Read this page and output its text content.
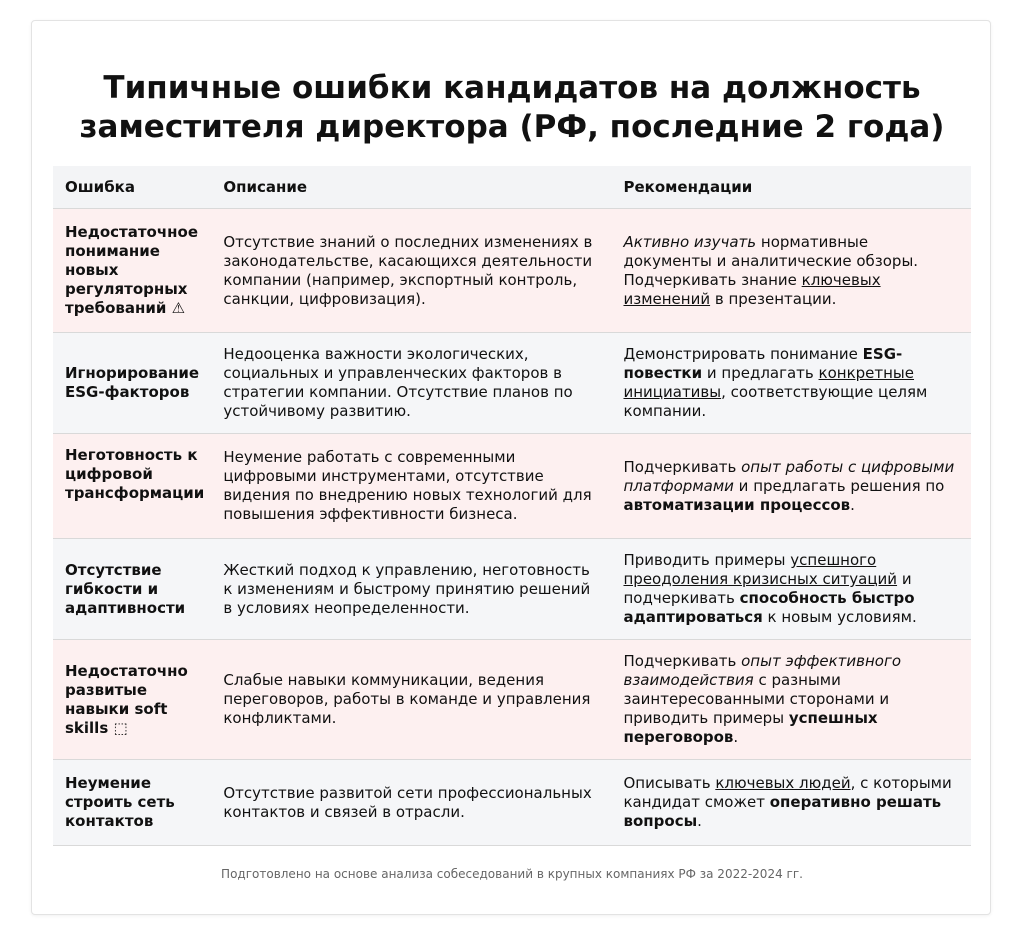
Типичные ошибки кандидатов на должность заместителя директора (РФ, последние 2 года)
Ошибка	Описание	Рекомендации
Недостаточное понимание новых регуляторных требований ⚠	Отсутствие знаний о последних изменениях в законодательстве, касающихся деятельности компании (например, экспортный контроль, санкции, цифровизация).	Активно изучать нормативные документы и аналитические обзоры. Подчеркивать знание ключевых изменений в презентации.
Игнорирование ESG-факторов	Недооценка важности экологических, социальных и управленческих факторов в стратегии компании. Отсутствие планов по устойчивому развитию.	Демонстрировать понимание ESG-повестки и предлагать конкретные инициативы, соответствующие целям компании.
Неготовность к цифровой трансформации	Неумение работать с современными цифровыми инструментами, отсутствие видения по внедрению новых технологий для повышения эффективности бизнеса.	Подчеркивать опыт работы с цифровыми платформами и предлагать решения по автоматизации процессов.
Отсутствие гибкости и адаптивности	Жесткий подход к управлению, неготовность к изменениям и быстрому принятию решений в условиях неопределенности.	Приводить примеры успешного преодоления кризисных ситуаций и подчеркивать способность быстро адаптироваться к новым условиям.
Недостаточно развитые навыки soft skills ⬚	Слабые навыки коммуникации, ведения переговоров, работы в команде и управления конфликтами.	Подчеркивать опыт эффективного взаимодействия с разными заинтересованными сторонами и приводить примеры успешных переговоров.
Неумение строить сеть контактов	Отсутствие развитой сети профессиональных контактов и связей в отрасли.	Описывать ключевых людей, с которыми кандидат сможет оперативно решать вопросы.
Подготовлено на основе анализа собеседований в крупных компаниях РФ за 2022-2024 гг.
